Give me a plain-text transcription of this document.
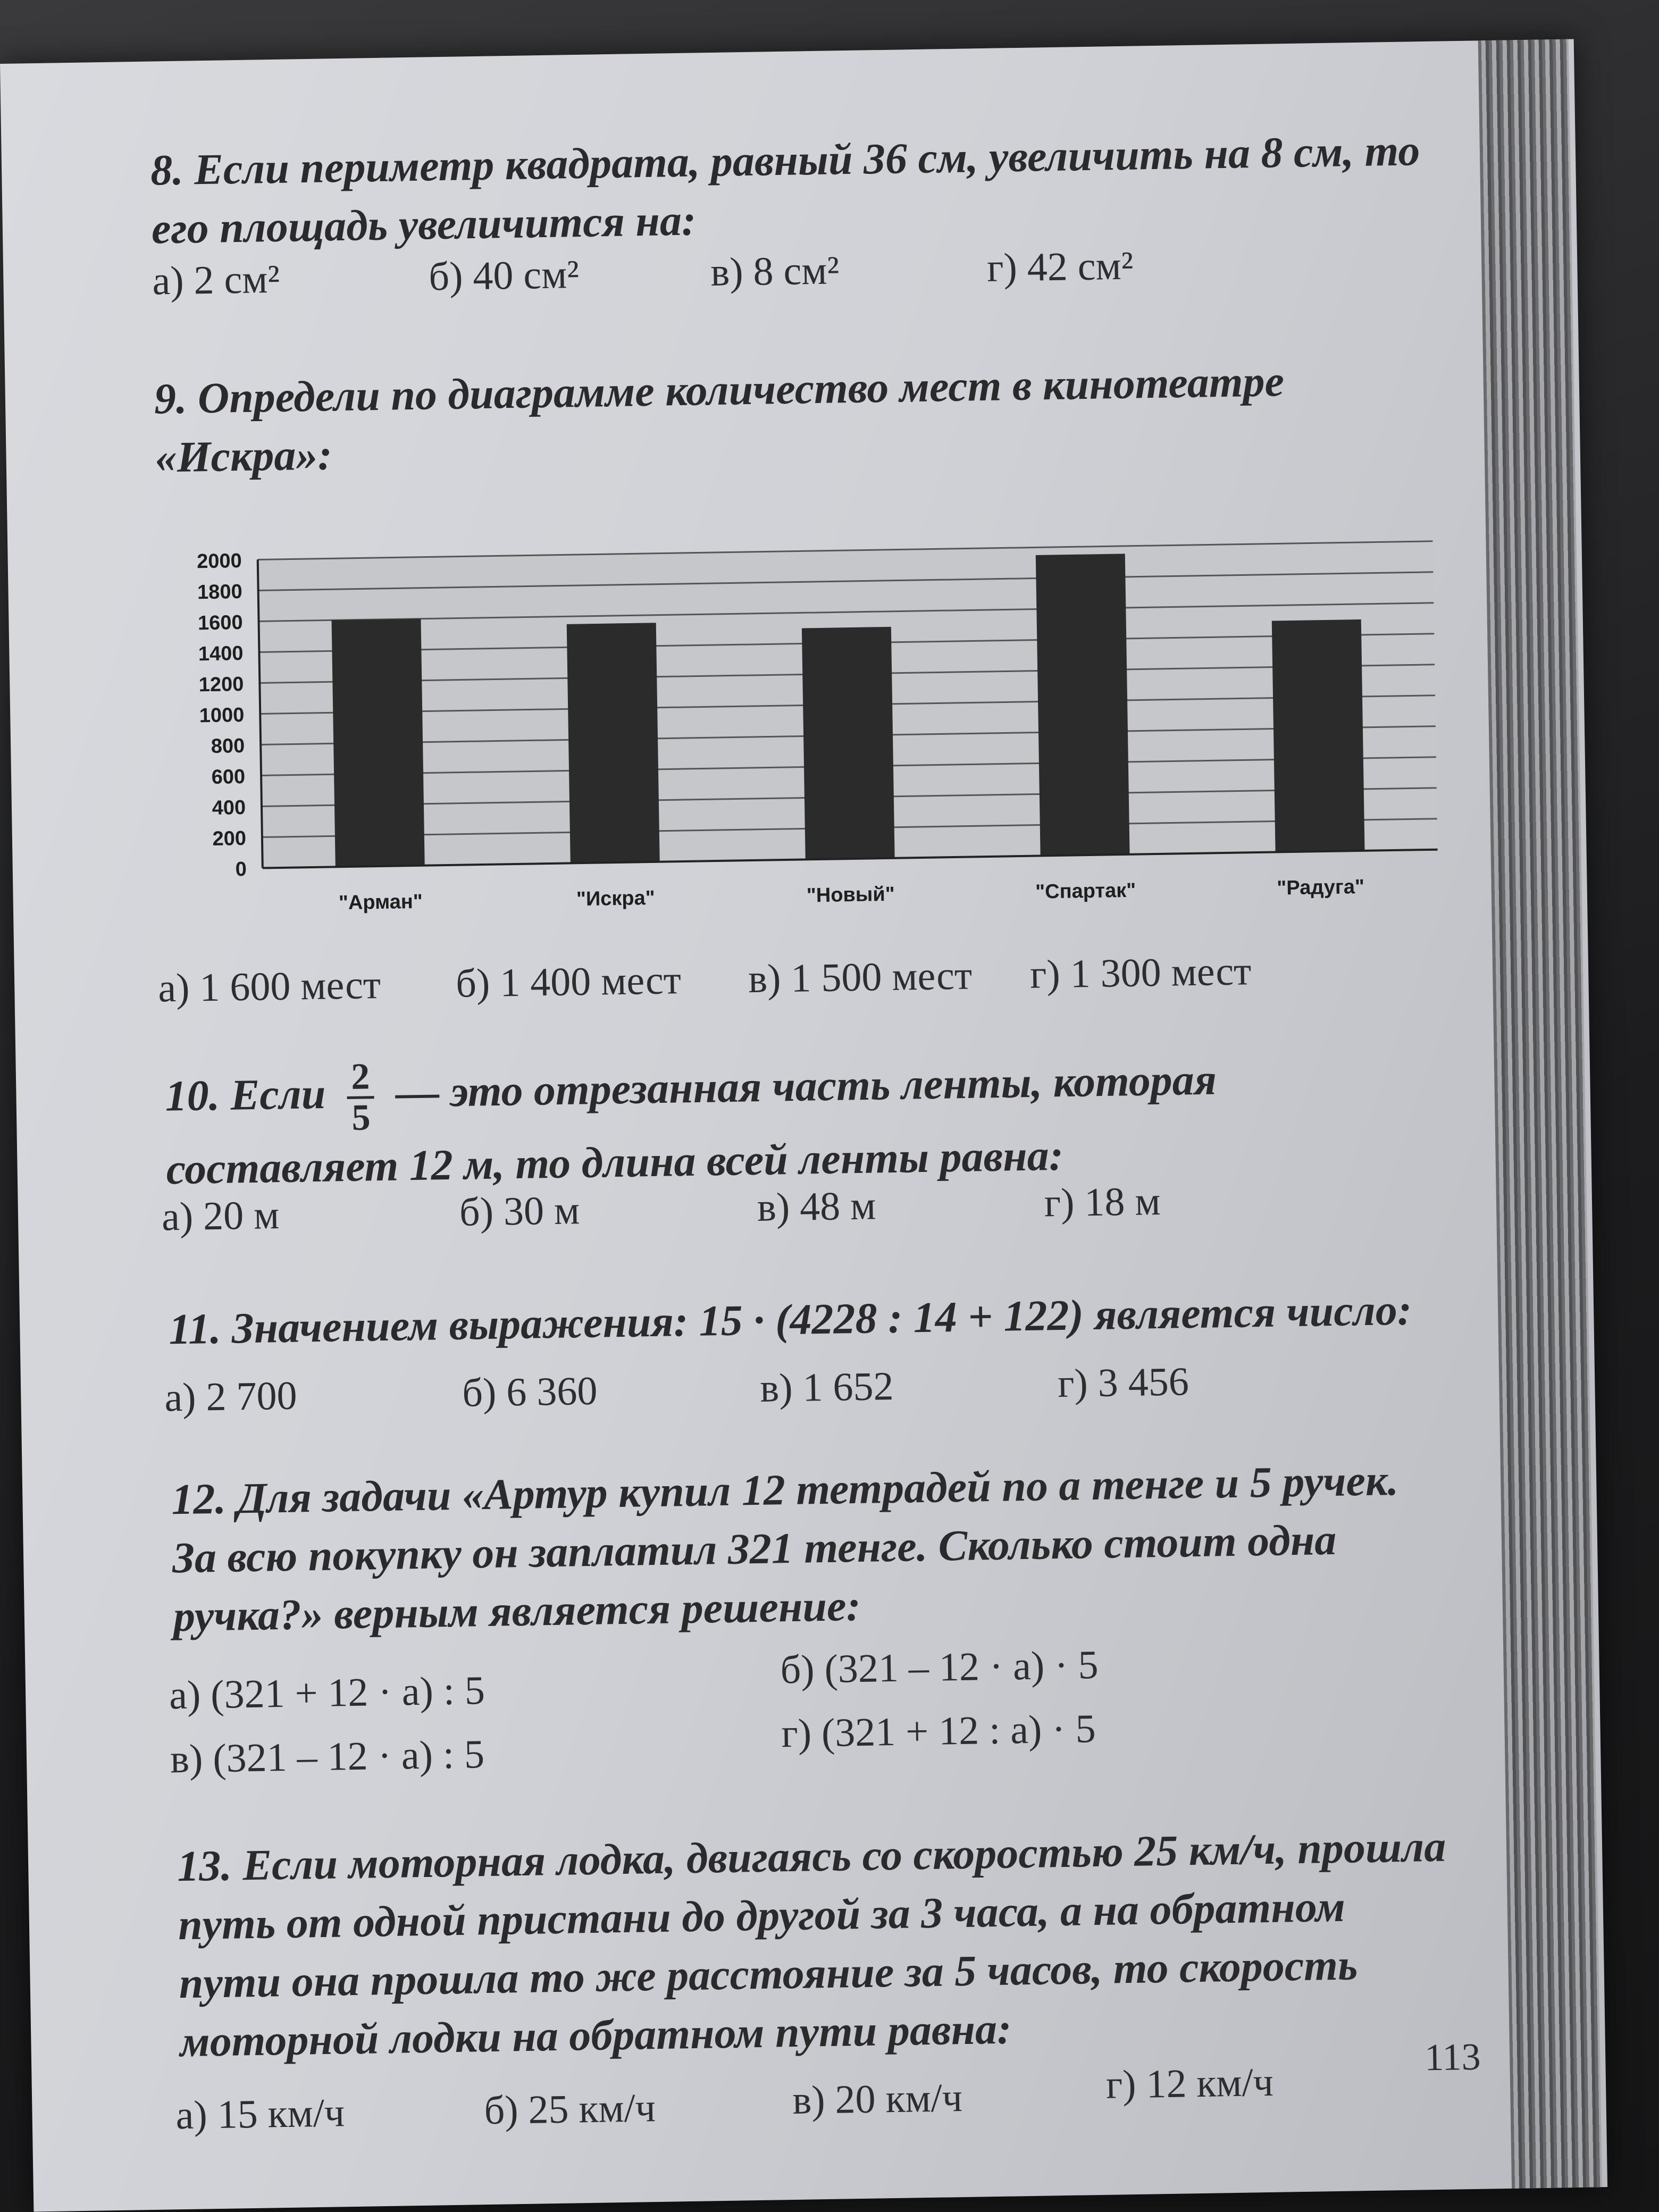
8. Если периметр квадрата, равный 36 см, увеличить на 8 см, то его площадь увеличится на:
а) 2 см²	б) 40 см²	в) 8 см²	г) 42 см²
9. Определи по диаграмме количество мест в кинотеатре «Искра»:
0
200
400
600
800
1000
1200
1400
1600
1800
2000
"Арман"	"Искра"	"Новый"	"Спартак"	"Радуга"
а) 1 600 мест б) 1 400 мест в) 1 500 мест г) 1 300 мест
10. Если $\frac{2}{5}$ — это отрезанная часть ленты, которая составляет 12 м, то длина всей ленты равна:
а) 20 м	б) 30 м	в) 48 м	г) 18 м
11. Значением выражения: 15 · (4228 : 14 + 122) является число:
а) 2 700	б) 6 360	в) 1 652	г) 3 456
12. Для задачи «Артур купил 12 тетрадей по a тенге и 5 ручек. За всю покупку он заплатил 321 тенге. Сколько стоит одна ручка?» верным является решение:
а) (321 + 12 · a) : 5
б) (321 – 12 · a) · 5
в) (321 – 12 · a) : 5
г) (321 + 12 : a) · 5
13. Если моторная лодка, двигаясь со скоростью 25 км/ч, прошла путь от одной пристани до другой за 3 часа, а на обратном пути она прошла то же расстояние за 5 часов, то скорость моторной лодки на обратном пути равна:
а) 15 км/ч	б) 25 км/ч	в) 20 км/ч	г) 12 км/ч
113
